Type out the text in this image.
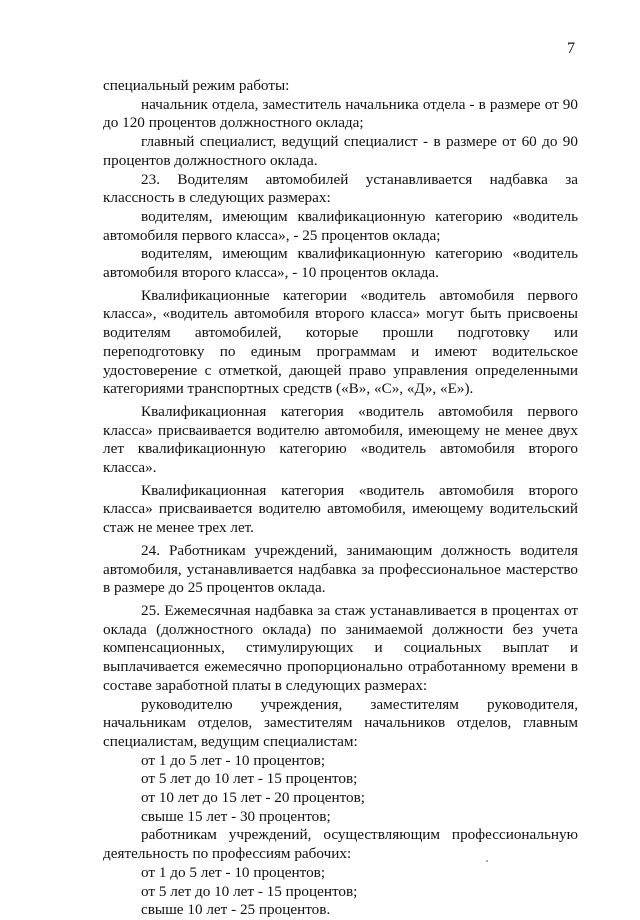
7

специальный режим работы:

начальник отдела, заместитель начальника отдела - в размере от 90 до 120 процентов должностного оклада;

главный специалист, ведущий специалист - в размере от 60 до 90 процентов должностного оклада.

23. Водителям автомобилей устанавливается надбавка за классность в следующих размерах:

водителям, имеющим квалификационную категорию «водитель автомобиля первого класса», - 25 процентов оклада;

водителям, имеющим квалификационную категорию «водитель автомобиля второго класса», - 10 процентов оклада.

Квалификационные категории «водитель автомобиля первого класса», «водитель автомобиля второго класса» могут быть присвоены водителям автомобилей, которые прошли подготовку или переподготовку по единым программам и имеют водительское удостоверение с отметкой, дающей право управления определенными категориями транспортных средств («В», «С», «Д», «Е»).

Квалификационная категория «водитель автомобиля первого класса» присваивается водителю автомобиля, имеющему не менее двух лет квалификационную категорию «водитель автомобиля второго класса».

Квалификационная категория «водитель автомобиля второго класса» присваивается водителю автомобиля, имеющему водительский стаж не менее трех лет.

24. Работникам учреждений, занимающим должность водителя автомобиля, устанавливается надбавка за профессиональное мастерство в размере до 25 процентов оклада.

25. Ежемесячная надбавка за стаж устанавливается в процентах от оклада (должностного оклада) по занимаемой должности без учета компенсационных, стимулирующих и социальных выплат и выплачивается ежемесячно пропорционально отработанному времени в составе заработной платы в следующих размерах:

руководителю учреждения, заместителям руководителя, начальникам отделов, заместителям начальников отделов, главным специалистам, ведущим специалистам:

от 1 до 5 лет - 10 процентов;

от 5 лет до 10 лет - 15 процентов;

от 10 лет до 15 лет - 20 процентов;

свыше 15 лет - 30 процентов;

работникам учреждений, осуществляющим профессиональную деятельность по профессиям рабочих:

от 1 до 5 лет - 10 процентов;

от 5 лет до 10 лет - 15 процентов;

свыше 10 лет - 25 процентов.
